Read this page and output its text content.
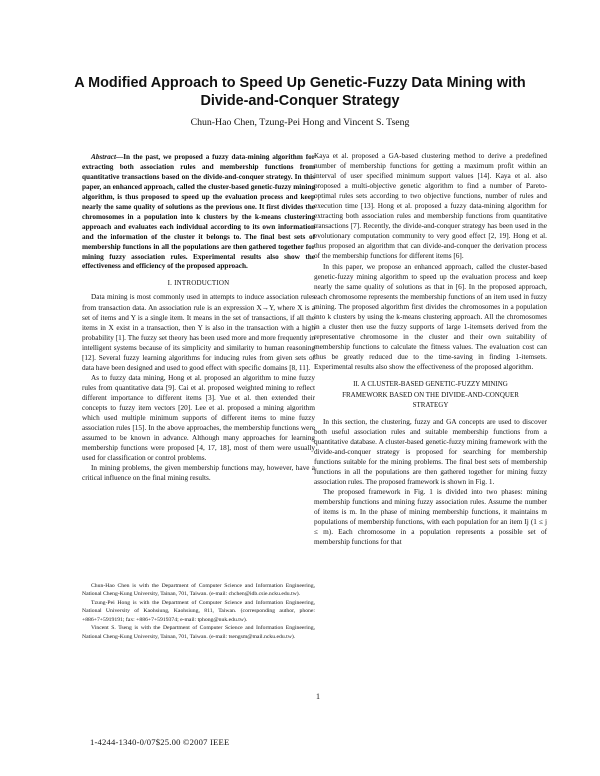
A Modified Approach to Speed Up Genetic-Fuzzy Data Mining with
Divide-and-Conquer Strategy
Chun-Hao Chen, Tzung-Pei Hong and Vincent S. Tseng

Abstract—In the past, we proposed a fuzzy data-mining algorithm for extracting both association rules and membership functions from quantitative transactions based on the divide-and-conquer strategy. In this paper, an enhanced approach, called the cluster-based genetic-fuzzy mining algorithm, is thus proposed to speed up the evaluation process and keep nearly the same quality of solutions as the previous one. It first divides the chromosomes in a population into k clusters by the k-means clustering approach and evaluates each individual according to its own information and the information of the cluster it belongs to. The final best sets of membership functions in all the populations are then gathered together for mining fuzzy association rules. Experimental results also show the effectiveness and efficiency of the proposed approach.

I. INTRODUCTION

Data mining is most commonly used in attempts to induce association rules from transaction data. An association rule is an expression X→Y, where X is a set of items and Y is a single item. It means in the set of transactions, if all the items in X exist in a transaction, then Y is also in the transaction with a high probability [1]. The fuzzy set theory has been used more and more frequently in intelligent systems because of its simplicity and similarity to human reasoning [12]. Several fuzzy learning algorithms for inducing rules from given sets of data have been designed and used to good effect with specific domains [8, 11].

As to fuzzy data mining, Hong et al. proposed an algorithm to mine fuzzy rules from quantitative data [9]. Cai et al. proposed weighted mining to reflect different importance to different items [3]. Yue et al. then extended their concepts to fuzzy item vectors [20]. Lee et al. proposed a mining algorithm which used multiple minimum supports of different items to mine fuzzy association rules [15]. In the above approaches, the membership functions were assumed to be known in advance. Although many approaches for learning membership functions were proposed [4, 17, 18], most of them were usually used for classification or control problems.

In mining problems, the given membership functions may, however, have a critical influence on the final mining results.

Chun-Hao Chen is with the Department of Computer Science and Information Engineering, National Cheng-Kung University, Tainan, 701, Taiwan. (e-mail: chchen@idb.csie.ncku.edu.tw).

Tzung-Pei Hong is with the Department of Computer Science and Information Engineering, National University of Kaohsiung, Kaohsiung, 811, Taiwan. (corresponding author, phone: +886+7+5919191; fax: +886+7+5919374; e-mail: tphong@nuk.edu.tw).

Vincent S. Tseng is with the Department of Computer Science and Information Engineering, National Cheng-Kung University, Tainan, 701, Taiwan. (e-mail: tsengsm@mail.ncku.edu.tw).

Kaya et al. proposed a GA-based clustering method to derive a predefined number of membership functions for getting a maximum profit within an interval of user specified minimum support values [14]. Kaya et al. also proposed a multi-objective genetic algorithm to find a number of Pareto-optimal rules sets according to two objective functions, number of rules and execution time [13]. Hong et al. proposed a fuzzy data-mining algorithm for extracting both association rules and membership functions from quantitative transactions [7]. Recently, the divide-and-conquer strategy has been used in the evolutionary computation community to very good effect [2, 19]. Hong et al. thus proposed an algorithm that can divide-and-conquer the derivation process of the membership functions for different items [6].

In this paper, we propose an enhanced approach, called the cluster-based genetic-fuzzy mining algorithm to speed up the evaluation process and keep nearly the same quality of solutions as that in [6]. In the proposed approach, each chromosome represents the membership functions of an item used in fuzzy mining. The proposed algorithm first divides the chromosomes in a population into k clusters by using the k-means clustering approach. All the chromosomes in a cluster then use the fuzzy supports of large 1-itemsets derived from the representative chromosome in the cluster and their own suitability of membership functions to calculate the fitness values. The evaluation cost can thus be greatly reduced due to the time-saving in finding 1-itemsets. Experimental results also show the effectiveness of the proposed algorithm.

II. A CLUSTER-BASED GENETIC-FUZZY MINING
FRAMEWORK BASED ON THE DIVIDE-AND-CONQUER
STRATEGY

In this section, the clustering, fuzzy and GA concepts are used to discover both useful association rules and suitable membership functions from a quantitative database. A cluster-based genetic-fuzzy mining framework with the divide-and-conquer strategy is proposed for searching for membership functions suitable for the mining problems. The final best sets of membership functions in all the populations are then gathered together for mining fuzzy association rules. The proposed framework is shown in Fig. 1.

The proposed framework in Fig. 1 is divided into two phases: mining membership functions and mining fuzzy association rules. Assume the number of items is m. In the phase of mining membership functions, it maintains m populations of membership functions, with each population for an item Ij (1 ≤ j ≤ m). Each chromosome in a population represents a possible set of membership functions for that

1
1-4244-1340-0/07$25.00 ©2007 IEEE
